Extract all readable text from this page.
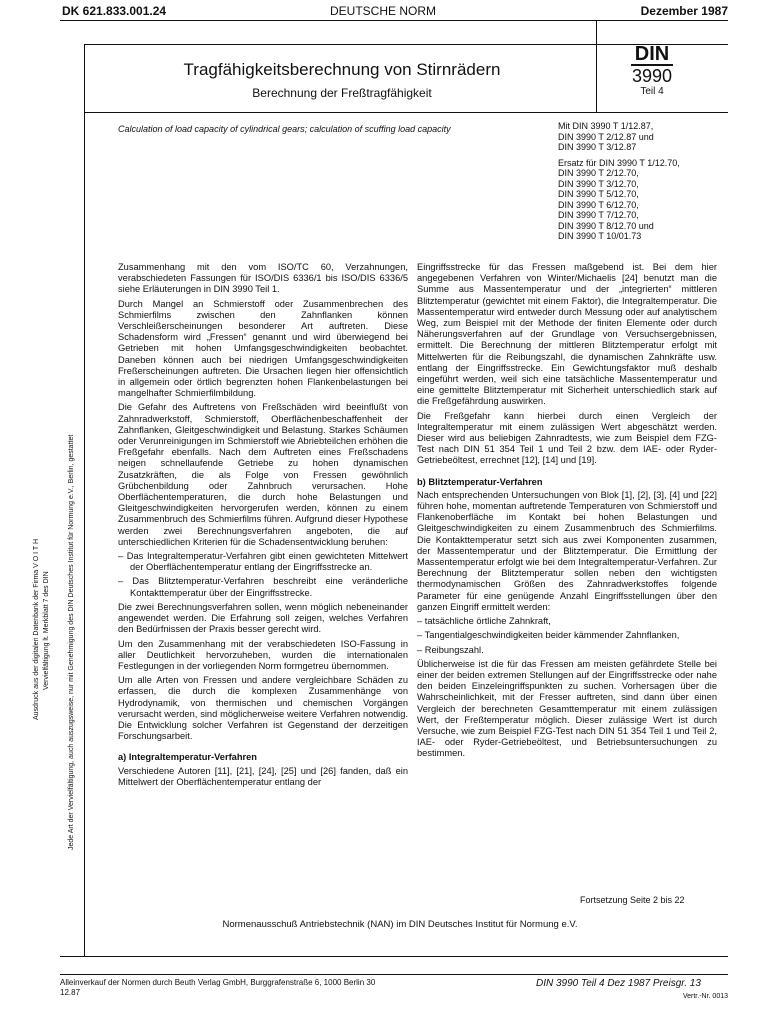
DK 621.833.001.24	DEUTSCHE NORM	Dezember 1987
Tragfähigkeitsberechnung von Stirnrädern
Berechnung der Freßtragfähigkeit
DIN
3990
Teil 4
Calculation of load capacity of cylindrical gears; calculation of scuffing load capacity	Mit DIN 3990 T 1/12.87,
DIN 3990 T 2/12.87 und
DIN 3990 T 3/12.87
Ersatz für DIN 3990 T 1/12.70,
DIN 3990 T 2/12.70,
DIN 3990 T 3/12.70,
DIN 3990 T 5/12.70,
DIN 3990 T 6/12.70,
DIN 3990 T 7/12.70,
DIN 3990 T 8/12.70 und
DIN 3990 T 10/01.73

Zusammenhang mit den vom ISO/TC 60, Verzahnungen, verabschiedeten Fassungen für ISO/DIS 6336/1 bis ISO/DIS 6336/5 siehe Erläuterungen in DIN 3990 Teil 1.

Durch Mangel an Schmierstoff oder Zusammenbrechen des Schmierfilms zwischen den Zahnflanken können Verschleißerscheinungen besonderer Art auftreten. Diese Schadensform wird „Fressen“ genannt und wird überwiegend bei Getrieben mit hohen Umfangsgeschwindigkeiten beobachtet. Daneben können auch bei niedrigen Umfangsgeschwindigkeiten Freßerscheinungen auftreten. Die Ursachen liegen hier offensichtlich in allgemein oder örtlich begrenzten hohen Flankenbelastungen bei mangelhafter Schmierfilmbildung.

Die Gefahr des Auftretens von Freßschäden wird beeinflußt von Zahnradwerkstoff, Schmierstoff, Oberflächenbeschaffenheit der Zahnflanken, Gleitgeschwindigkeit und Belastung. Starkes Schäumen oder Verunreinigungen im Schmierstoff wie Abriebteilchen erhöhen die Freßgefahr ebenfalls. Nach dem Auftreten eines Freßschadens neigen schnellaufende Getriebe zu hohen dynamischen Zusatzkräften, die als Folge von Fressen gewöhnlich Grübchenbildung oder Zahnbruch verursachen. Hohe Oberflächentemperaturen, die durch hohe Belastungen und Gleitgeschwindigkeiten hervorgerufen werden, können zu einem Zusammenbruch des Schmierfilms führen. Aufgrund dieser Hypothese werden zwei Berechnungsverfahren angeboten, die auf unterschiedlichen Kriterien für die Schadensentwicklung beruhen:

– Das Integraltemperatur-Verfahren gibt einen gewichteten Mittelwert der Oberflächentemperatur entlang der Eingriffsstrecke an.

– Das Blitztemperatur-Verfahren beschreibt eine veränderliche Kontakttemperatur über der Eingriffsstrecke.

Die zwei Berechnungsverfahren sollen, wenn möglich nebeneinander angewendet werden. Die Erfahrung soll zeigen, welches Verfahren den Bedürfnissen der Praxis besser gerecht wird.

Um den Zusammenhang mit der verabschiedeten ISO-Fassung in aller Deutlichkeit hervorzuheben, wurden die internationalen Festlegungen in der vorliegenden Norm formgetreu übernommen.

Um alle Arten von Fressen und andere vergleichbare Schäden zu erfassen, die durch die komplexen Zusammenhänge von Hydrodynamik, von thermischen und chemischen Vorgängen verursacht werden, sind möglicherweise weitere Verfahren notwendig. Die Entwicklung solcher Verfahren ist Gegenstand der derzeitigen Forschungsarbeit.

a) Integraltemperatur-Verfahren

Verschiedene Autoren [11], [21], [24], [25] und [26] fanden, daß ein Mittelwert der Oberflächentemperatur entlang der

Eingriffsstrecke für das Fressen maßgebend ist. Bei dem hier angegebenen Verfahren von Winter/Michaelis [24] benutzt man die Summe aus Massentemperatur und der „integrierten“ mittleren Blitztemperatur (gewichtet mit einem Faktor), die Integraltemperatur. Die Massentemperatur wird entweder durch Messung oder auf analytischem Weg, zum Beispiel mit der Methode der finiten Elemente oder durch Näherungsverfahren auf der Grundlage von Versuchsergebnissen, ermittelt. Die Berechnung der mittleren Blitztemperatur erfolgt mit Mittelwerten für die Reibungszahl, die dynamischen Zahnkräfte usw. entlang der Eingriffsstrecke. Ein Gewichtungsfaktor muß deshalb eingeführt werden, weil sich eine tatsächliche Massentemperatur und eine gemittelte Blitztemperatur mit Sicherheit unterschiedlich stark auf die Freßgefährdung auswirken.

Die Freßgefahr kann hierbei durch einen Vergleich der Integraltemperatur mit einem zulässigen Wert abgeschätzt werden. Dieser wird aus beliebigen Zahnradtests, wie zum Beispiel dem FZG-Test nach DIN 51 354 Teil 1 und Teil 2 bzw. dem IAE- oder Ryder-Getriebeöltest, errechnet [12], [14] und [19].

b) Blitztemperatur-Verfahren

Nach entsprechenden Untersuchungen von Blok [1], [2], [3], [4] und [22] führen hohe, momentan auftretende Temperaturen von Schmierstoff und Flankenoberfläche im Kontakt bei hohen Belastungen und Gleitgeschwindigkeiten zu einem Zusammenbruch des Schmierfilms. Die Kontakttemperatur setzt sich aus zwei Komponenten zusammen, der Massentemperatur und der Blitztemperatur. Die Ermittlung der Massentemperatur erfolgt wie bei dem Integraltemperatur-Verfahren. Zur Berechnung der Blitztemperatur sollen neben den wichtigsten thermodynamischen Größen des Zahnradwerkstoffes folgende Parameter für eine genügende Anzahl Eingriffsstellungen über den ganzen Eingriff ermittelt werden:

– tatsächliche örtliche Zahnkraft,

– Tangentialgeschwindigkeiten beider kämmender Zahnflanken,

– Reibungszahl.

Üblicherweise ist die für das Fressen am meisten gefährdete Stelle bei einer der beiden extremen Stellungen auf der Eingriffsstrecke oder nahe den beiden Einzeleingriffspunkten zu suchen. Vorhersagen über die Wahrscheinlichkeit, mit der Fresser auftreten, sind dann über einen Vergleich der berechneten Gesamttemperatur mit einem zulässigen Wert, der Freßtemperatur möglich. Dieser zulässige Wert ist durch Versuche, wie zum Beispiel FZG-Test nach DIN 51 354 Teil 1 und Teil 2, IAE- oder Ryder-Getriebeöltest, und Betriebsuntersuchungen zu bestimmen.

Fortsetzung Seite 2 bis 22
Normenausschuß Antriebstechnik (NAN) im DIN Deutsches Institut für Normung e.V.
Alleinverkauf der Normen durch Beuth Verlag GmbH, Burggrafenstraße 6, 1000 Berlin 30
12.87
DIN 3990 Teil 4 Dez 1987 Preisgr. 13
Vertr.-Nr. 0013
Ausdruck aus der digitalen Datenbank der Firma V O I T H Vervielfältigung lt. Merkblatt 7 des DIN	Jede Art der Vervielfältigung, auch auszugsweise, nur mit Genehmigung des DIN Deutsches Institut für Normung e.V., Berlin, gestattet
